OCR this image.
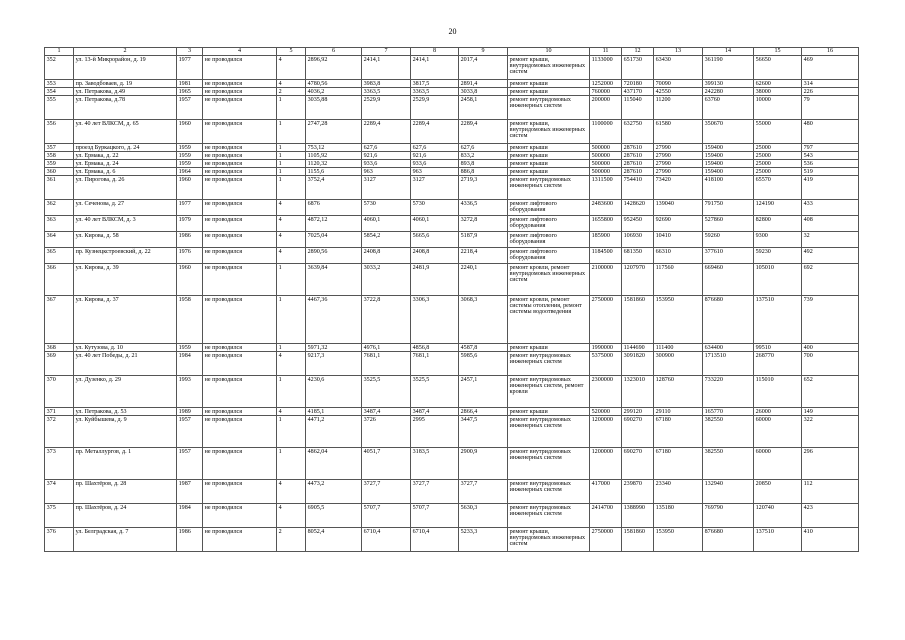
20
1	2	3	4	5	6	7	8	9	10	11	12	13	14	15	16
352	ул. 13-й Микрорайон, д. 19	1977	не проводился	4	2896,92	2414,1	2414,1	2017,4	ремонт крыши, внутридомовых инженерных систем	1133000	651730	63430	361190	56650	469
353	пр. Заводбоваев, д. 19	1981	не проводился	4	4780,56	3983,8	3817,5	2891,4	ремонт крыши	1252000	720180	70090	399130	62600	314
354	ул. Петракова, д.49	1965	не проводился	2	4036,2	3363,5	3363,5	3033,8	ремонт крыши	760000	437170	42550	242280	38000	226
355	ул. Петракова, д.78	1957	не проводился	1	3035,88	2529,9	2529,9	2458,1	ремонт внутридомовых инженерных систем	200000	115040	11200	63760	10000	79
356	ул. 40 лет ВЛКСМ, д. 65	1960	не проводился	1	2747,28	2289,4	2289,4	2289,4	ремонт крыши, внутридомовых инженерных систем	1100000	632750	61580	350670	55000	480
357	проезд Буркацкого, д. 24	1959	не проводился	1	753,12	627,6	627,6	627,6	ремонт крыши	500000	287610	27990	159400	25000	797
358	ул. Ермака, д. 22	1959	не проводился	1	1105,92	921,6	921,6	833,2	ремонт крыши	500000	287610	27990	159400	25000	543
359	ул. Ермака, д. 24	1959	не проводился	1	1120,32	933,6	933,6	893,8	ремонт крыши	500000	287610	27990	159400	25000	536
360	ул. Ермака, д. 6	1964	не проводился	1	1155,6	963	963	886,8	ремонт крыши	500000	287610	27990	159400	25000	519
361	ул. Пирогова, д. 26	1960	не проводился	1	3752,4	3127	3127	2719,3	ремонт внутридомовых инженерных систем	1311500	754410	73420	418100	65570	419
362	ул. Сеченова, д. 27	1977	не проводился	4	6876	5730	5730	4336,5	ремонт лифтового оборудования	2483600	1428620	139040	791750	124190	433
363	ул. 40 лет ВЛКСМ, д. 3	1979	не проводился	4	4872,12	4060,1	4060,1	3272,8	ремонт лифтового оборудования	1655800	952450	92690	527860	82800	408
364	ул. Кирова, д. 58	1986	не проводился	4	7025,04	5854,2	5665,6	5187,9	ремонт лифтового оборудования	185900	106930	10410	59260	9300	32
365	пр. Кузнецкстроевский, д. 22	1976	не проводился	4	2890,56	2408,8	2408,8	2218,4	ремонт лифтового оборудования	1184500	681350	66310	377610	59230	492
366	ул. Кирова, д. 39	1960	не проводился	1	3639,84	3033,2	2481,9	2240,1	ремонт кровли, ремонт внутридомовых инженерных систем	2100000	1207970	117560	669460	105010	692
367	ул. Кирова, д. 37	1958	не проводился	1	4467,36	3722,8	3306,3	3068,3	ремонт кровли, ремонт системы отопления, ремонт системы водоотведения	2750000	1581860	153950	876680	137510	739
368	ул. Кутузова, д. 10	1959	не проводился	1	5971,32	4976,1	4856,8	4587,8	ремонт крыши	1990000	1144690	111400	634400	99510	400
369	ул. 40 лет Победы, д. 21	1984	не проводился	4	9217,3	7681,1	7681,1	5985,6	ремонт внутридомовых инженерных систем	5375000	3091820	300900	1713510	268770	700
370	ул. Дузенко, д. 29	1993	не проводился	1	4230,6	3525,5	3525,5	2457,1	ремонт внутридомовых инженерных систем, ремонт кровли	2300000	1323010	128760	733220	115010	652
371	ул. Петракова, д. 53	1989	не проводился	4	4185,1	3487,4	3487,4	2866,4	ремонт крыши	520000	299120	29110	165770	26000	149
372	ул. Куйбышева, д. 9	1957	не проводился	1	4471,2	3726	2995	3447,5	ремонт внутридомовых инженерных систем	1200000	690270	67180	382550	60000	322
373	пр. Металлургов, д. 1	1957	не проводился	1	4862,04	4051,7	3183,5	2900,9	ремонт внутридомовых инженерных систем	1200000	690270	67180	382550	60000	296
374	пр. Шахтёров, д. 28	1987	не проводился	4	4473,2	3727,7	3727,7	3727,7	ремонт внутридомовых инженерных систем	417000	239870	23340	132940	20850	112
375	пр. Шахтёров, д. 24	1984	не проводился	4	6905,5	5707,7	5707,7	5630,3	ремонт внутридомовых инженерных систем	2414700	1388990	135180	769790	120740	423
376	ул. Белградская, д. 7	1986	не проводился	2	8052,4	6710,4	6710,4	5233,3	ремонт крыши, внутридомовых инженерных систем	2750000	1581860	153950	876680	137510	410
